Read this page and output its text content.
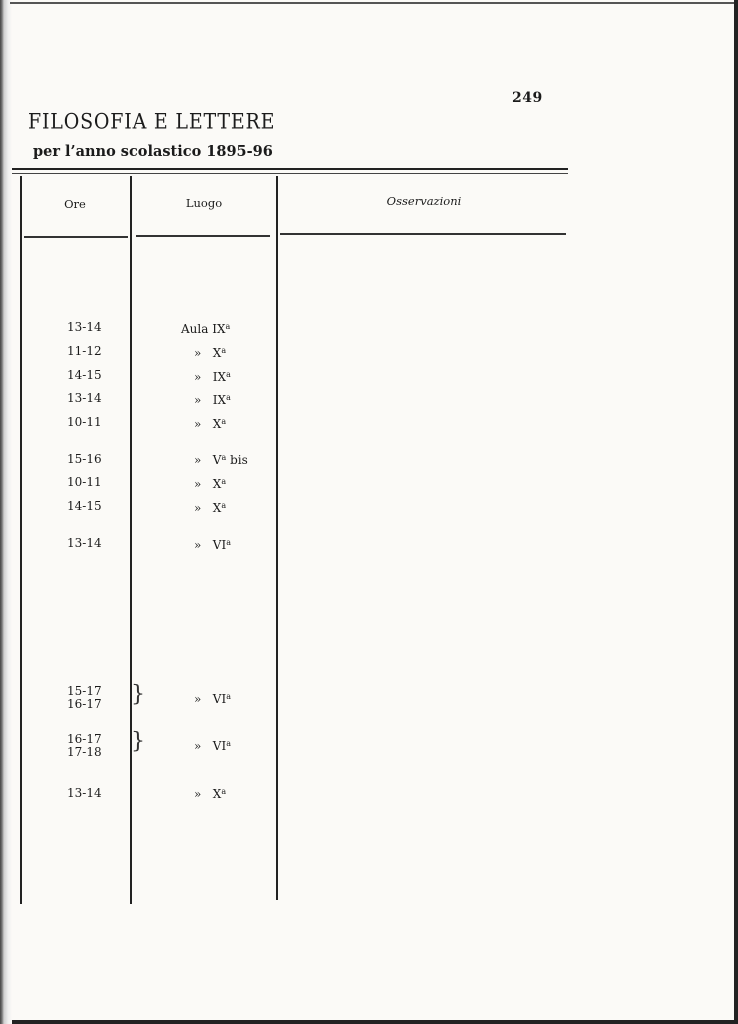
249
FILOSOFIA E LETTERE
per l’anno scolastico 1895-96
Ore	Luogo	Osservazioni
13-14	Aula $IX^a$
11-12	» $X^a$
14-15	» $IX^a$
13-14	» $IX^a$
10-11	» $X^a$
15-16	» $V^a$ bis
10-11	» $X^a$
14-15	» $X^a$
13-14	» $VI^a$
15-17
16-17 }	» $VI^a$
16-17
17-18 }	» $VI^a$
13-14	» $X^a$
